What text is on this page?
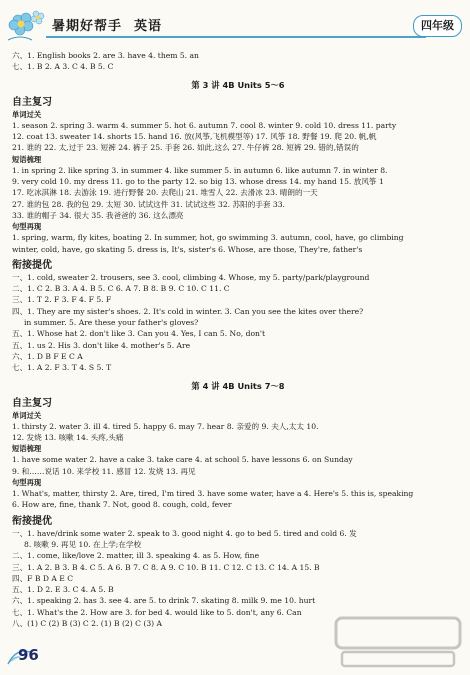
暑期好帮手 英语	四年级
六、1. English books 2. are 3. have 4. them 5. an
七、1. B 2. A 3. C 4. B 5. C
第 3 讲 4B Units 5～6
自主复习
单词过关
1. season 2. spring 3. warm 4. summer 5. hot 6. autumn 7. cool 8. winter 9. cold 10. dress 11. party
12. coat 13. sweater 14. shorts 15. hand 16. 放(风筝,飞机模型等) 17. 风筝 18. 野餐 19. 爬 20. 帆,帆
21. 谁的 22. 太,过于 23. 短裤 24. 裤子 25. 手套 26. 如此,这么 27. 牛仔裤 28. 短裤 29. 错的,错误的
短语梳理
1. in spring 2. like spring 3. in summer 4. like summer 5. in autumn 6. like autumn 7. in winter 8.
9. very cold 10. my dress 11. go to the party 12. so big 13. whose dress 14. my hand 15. 放风筝 1
17. 吃冰淇淋 18. 去游泳 19. 进行野餐 20. 去爬山 21. 堆雪人 22. 去滑冰 23. 晴朗的一天
27. 谁的包 28. 我的包 29. 太短 30. 试试这件 31. 试试这些 32. 苏阳的手套 33.
33. 谁的帽子 34. 很大 35. 我爸爸的 36. 这么漂亮
句型再现
1. spring, warm, fly kites, boating 2. In summer, hot, go swimming 3. autumn, cool, have, go climbing
winter, cold, have, go skating 5. dress is, It's, sister's 6. Whose, are those, They're, father's
衔接提优
一、1. cold, sweater 2. trousers, see 3. cool, climbing 4. Whose, my 5. party/park/playground
二、1. C 2. B 3. A 4. B 5. C 6. A 7. B 8. B 9. C 10. C 11. C
三、1. T 2. F 3. F 4. F 5. F
四、1. They are my sister's shoes. 2. It's cold in winter. 3. Can you see the kites over there?
in summer. 5. Are these your father's gloves?
五、1. Whose hat 2. don't like 3. Can you 4. Yes, I can 5. No, don't
五、1. us 2. His 3. don't like 4. mother's 5. Are
六、1. D B F E C A
七、1. A 2. F 3. T 4. S 5. T
第 4 讲 4B Units 7～8
自主复习
单词过关
1. thirsty 2. water 3. ill 4. tired 5. happy 6. may 7. hear 8. 亲爱的 9. 夫人,太太 10.
12. 发烧 13. 咳嗽 14. 头疼,头痛
短语梳理
1. have some water 2. have a cake 3. take care 4. at school 5. have lessons 6. on Sunday
9. 和……说话 10. 来学校 11. 感冒 12. 发烧 13. 再见
句型再现
1. What's, matter, thirsty 2. Are, tired, I'm tired 3. have some water, have a 4. Here's 5. this is, speaking
6. How are, fine, thank 7. Not, good 8. cough, cold, fever
衔接提优
一、1. have/drink some water 2. speak to 3. good night 4. go to bed 5. tired and cold 6. 发
8. 咳嗽 9. 再见 10. 在上学;在学校
二、1. come, like/love 2. matter, ill 3. speaking 4. as 5. How, fine
三、1. A 2. B 3. B 4. C 5. A 6. B 7. C 8. A 9. C 10. B 11. C 12. C 13. C 14. A 15. B
四、F B D A E C
五、1. D 2. E 3. C 4. A 5. B
六、1. speaking 2. has 3. see 4. are 5. to drink 7. skating 8. milk 9. me 10. hurt
七、1. What's the 2. How are 3. for bed 4. would like to 5. don't, any 6. Can
八、(1) C (2) B (3) C 2. (1) B (2) C (3) A
96
